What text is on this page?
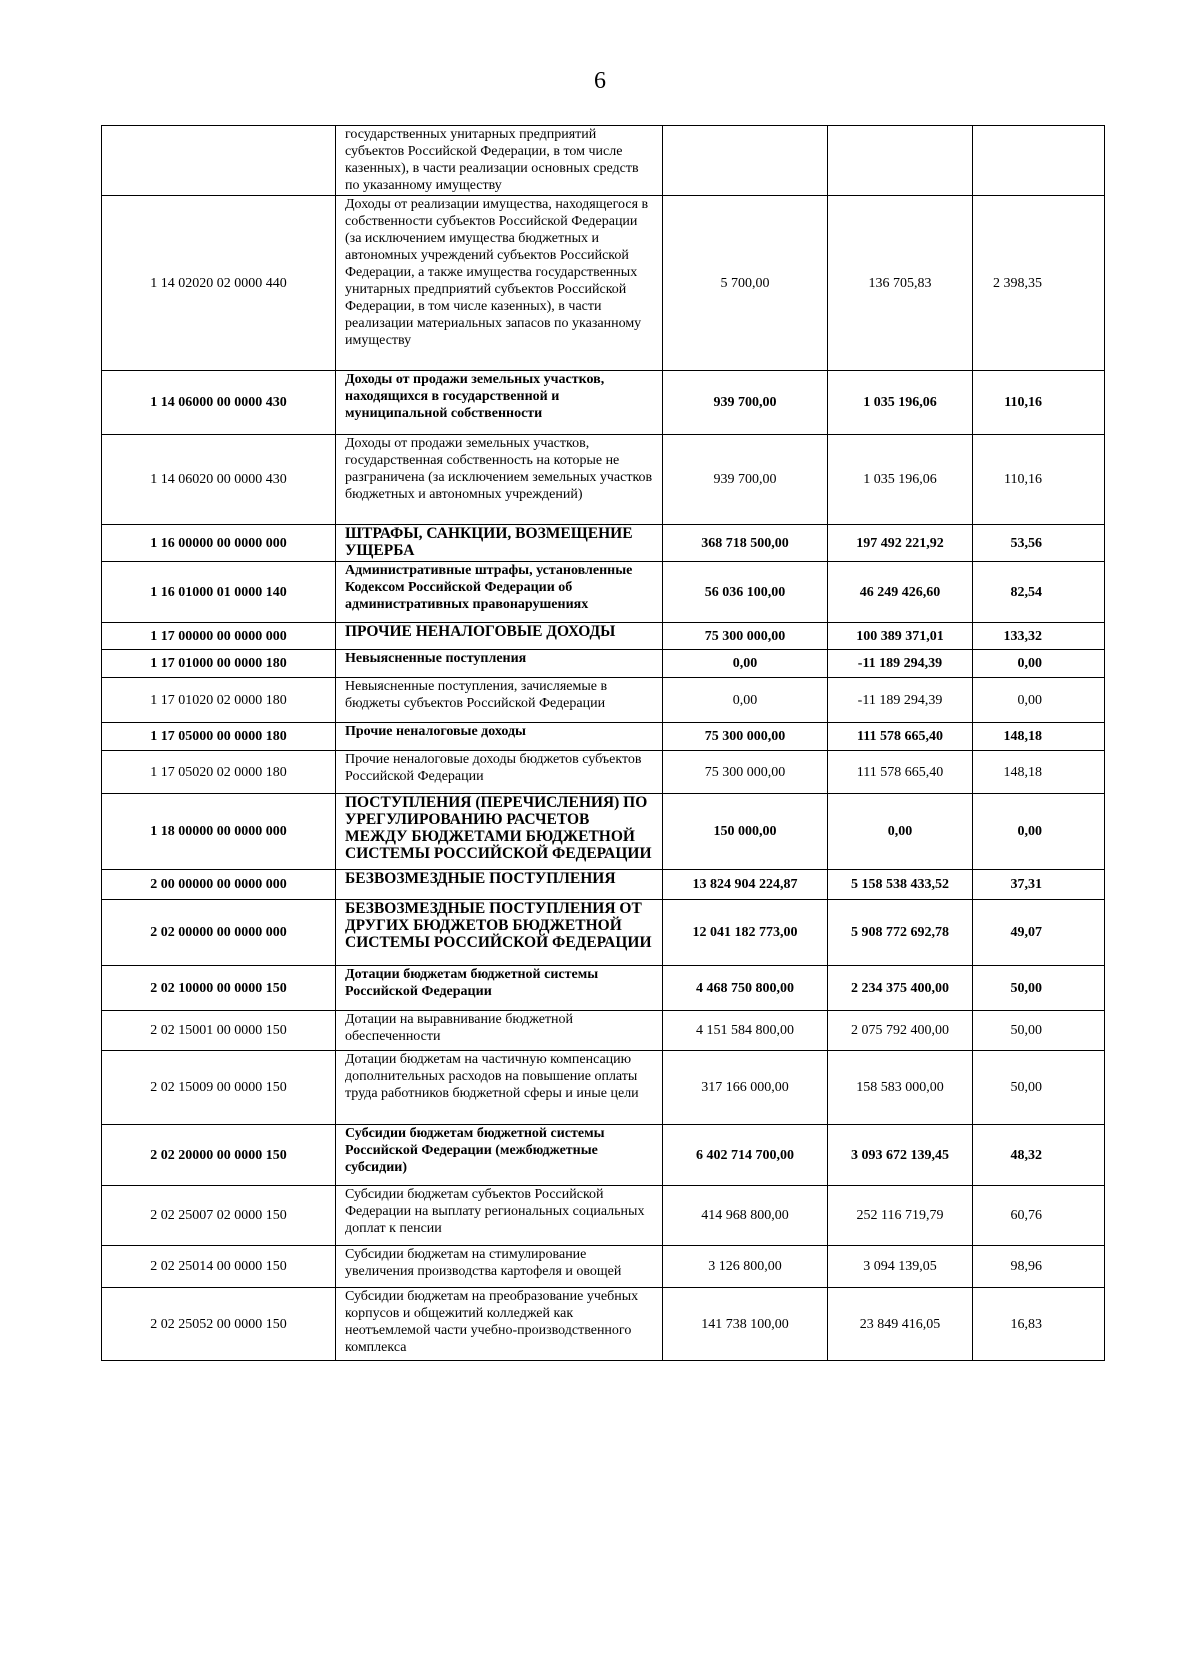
6
	государственных унитарных предприятий субъектов Российской Федерации, в том числе казенных), в части реализации основных средств по указанному имуществу			
1 14 02020 02 0000 440	Доходы от реализации имущества, находящегося в собственности субъектов Российской Федерации (за исключением имущества бюджетных и автономных учреждений субъектов Российской Федерации, а также имущества государственных унитарных предприятий субъектов Российской Федерации, в том числе казенных), в части реализации материальных запасов по указанному имуществу	5 700,00	136 705,83	2 398,35
1 14 06000 00 0000 430	Доходы от продажи земельных участков, находящихся в государственной и муниципальной собственности	939 700,00	1 035 196,06	110,16
1 14 06020 00 0000 430	Доходы от продажи земельных участков, государственная собственность на которые не разграничена (за исключением земельных участков бюджетных и автономных учреждений)	939 700,00	1 035 196,06	110,16
1 16 00000 00 0000 000	ШТРАФЫ, САНКЦИИ, ВОЗМЕЩЕНИЕ УЩЕРБА	368 718 500,00	197 492 221,92	53,56
1 16 01000 01 0000 140	Административные штрафы, установленные Кодексом Российской Федерации об административных правонарушениях	56 036 100,00	46 249 426,60	82,54
1 17 00000 00 0000 000	ПРОЧИЕ НЕНАЛОГОВЫЕ ДОХОДЫ	75 300 000,00	100 389 371,01	133,32
1 17 01000 00 0000 180	Невыясненные поступления	0,00	-11 189 294,39	0,00
1 17 01020 02 0000 180	Невыясненные поступления, зачисляемые в бюджеты субъектов Российской Федерации	0,00	-11 189 294,39	0,00
1 17 05000 00 0000 180	Прочие неналоговые доходы	75 300 000,00	111 578 665,40	148,18
1 17 05020 02 0000 180	Прочие неналоговые доходы бюджетов субъектов Российской Федерации	75 300 000,00	111 578 665,40	148,18
1 18 00000 00 0000 000	ПОСТУПЛЕНИЯ (ПЕРЕЧИСЛЕНИЯ) ПО УРЕГУЛИРОВАНИЮ РАСЧЕТОВ МЕЖДУ БЮДЖЕТАМИ БЮДЖЕТНОЙ СИСТЕМЫ РОССИЙСКОЙ ФЕДЕРАЦИИ	150 000,00	0,00	0,00
2 00 00000 00 0000 000	БЕЗВОЗМЕЗДНЫЕ ПОСТУПЛЕНИЯ	13 824 904 224,87	5 158 538 433,52	37,31
2 02 00000 00 0000 000	БЕЗВОЗМЕЗДНЫЕ ПОСТУПЛЕНИЯ ОТ ДРУГИХ БЮДЖЕТОВ БЮДЖЕТНОЙ СИСТЕМЫ РОССИЙСКОЙ ФЕДЕРАЦИИ	12 041 182 773,00	5 908 772 692,78	49,07
2 02 10000 00 0000 150	Дотации бюджетам бюджетной системы Российской Федерации	4 468 750 800,00	2 234 375 400,00	50,00
2 02 15001 00 0000 150	Дотации на выравнивание бюджетной обеспеченности	4 151 584 800,00	2 075 792 400,00	50,00
2 02 15009 00 0000 150	Дотации бюджетам на частичную компенсацию дополнительных расходов на повышение оплаты труда работников бюджетной сферы и иные цели	317 166 000,00	158 583 000,00	50,00
2 02 20000 00 0000 150	Субсидии бюджетам бюджетной системы Российской Федерации (межбюджетные субсидии)	6 402 714 700,00	3 093 672 139,45	48,32
2 02 25007 02 0000 150	Субсидии бюджетам субъектов Российской Федерации на выплату региональных социальных доплат к пенсии	414 968 800,00	252 116 719,79	60,76
2 02 25014 00 0000 150	Субсидии бюджетам на стимулирование увеличения производства картофеля и овощей	3 126 800,00	3 094 139,05	98,96
2 02 25052 00 0000 150	Субсидии бюджетам на преобразование учебных корпусов и общежитий колледжей как неотъемлемой части учебно-производственного комплекса	141 738 100,00	23 849 416,05	16,83
